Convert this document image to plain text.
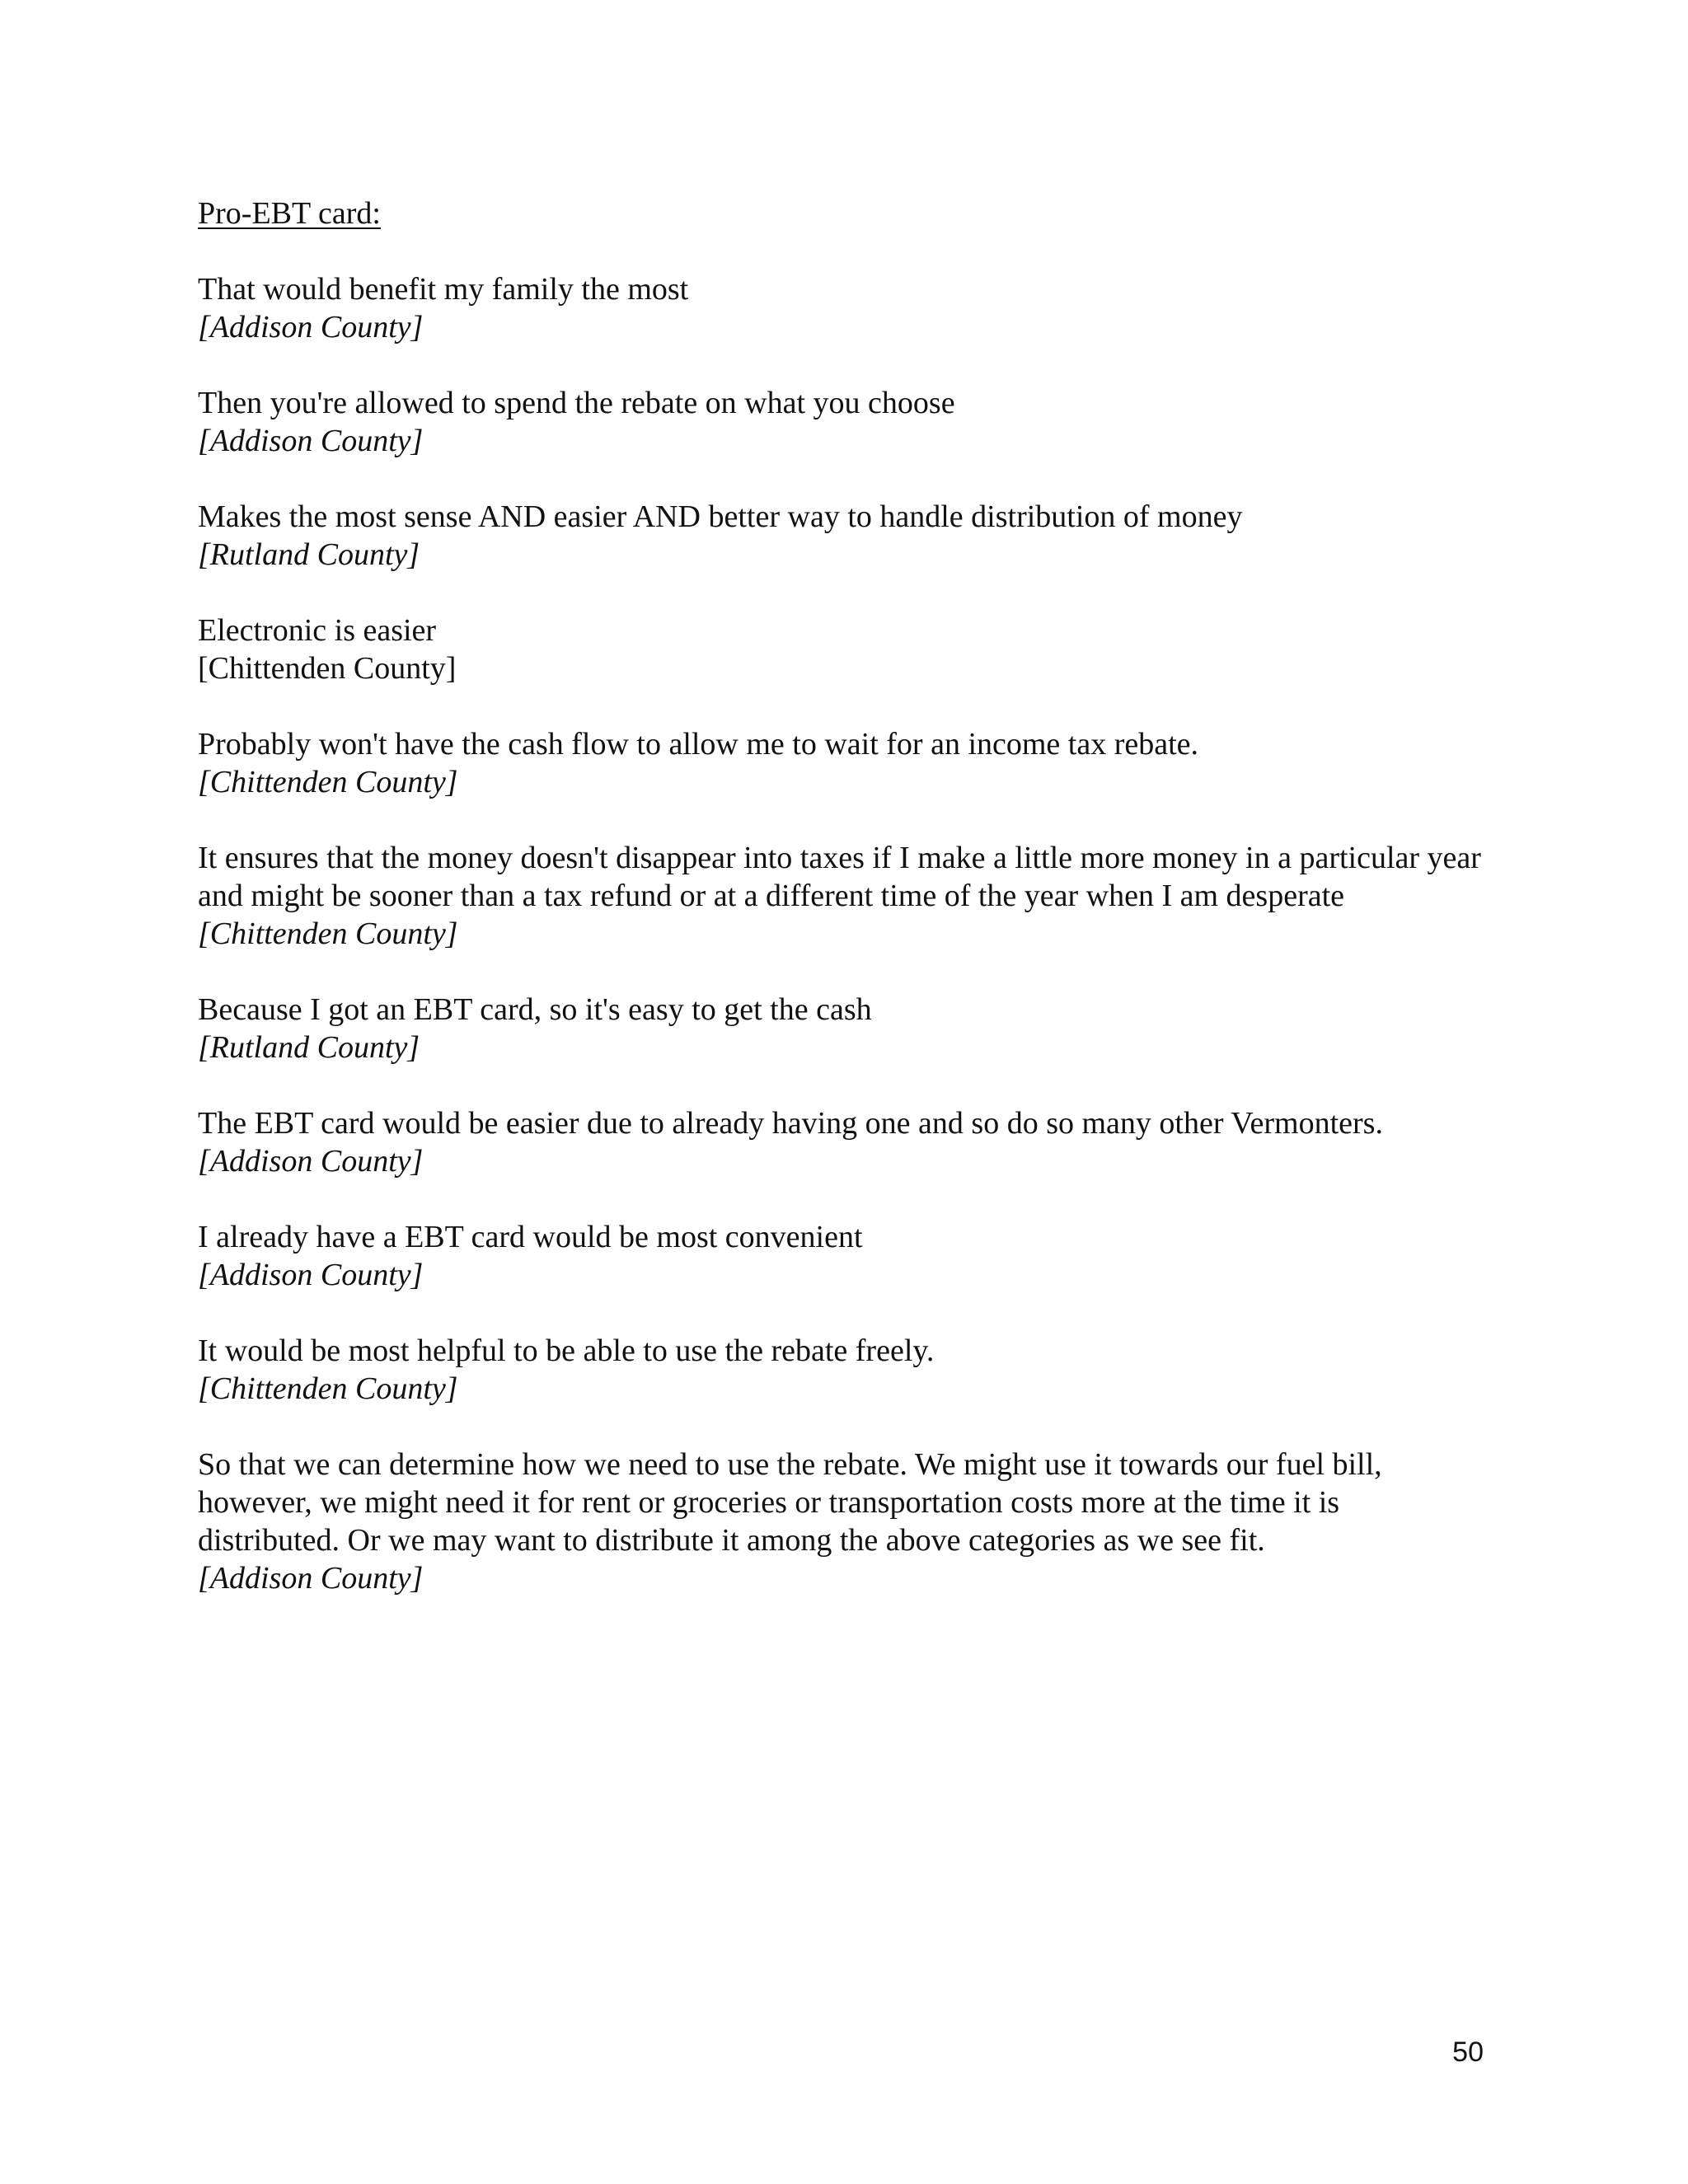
Pro-EBT card:

That would benefit my family the most
[Addison County]
Then you're allowed to spend the rebate on what you choose
[Addison County]
Makes the most sense AND easier AND better way to handle distribution of money
[Rutland County]
Electronic is easier
[Chittenden County]
Probably won't have the cash flow to allow me to wait for an income tax rebate.
[Chittenden County]
It ensures that the money doesn't disappear into taxes if I make a little more money in a particular year and might be sooner than a tax refund or at a different time of the year when I am desperate
[Chittenden County]
Because I got an EBT card, so it's easy to get the cash
[Rutland County]
The EBT card would be easier due to already having one and so do so many other Vermonters.
[Addison County]
I already have a EBT card would be most convenient
[Addison County]
It would be most helpful to be able to use the rebate freely.
[Chittenden County]
So that we can determine how we need to use the rebate. We might use it towards our fuel bill, however, we might need it for rent or groceries or transportation costs more at the time it is distributed. Or we may want to distribute it among the above categories as we see fit.
[Addison County]
50
